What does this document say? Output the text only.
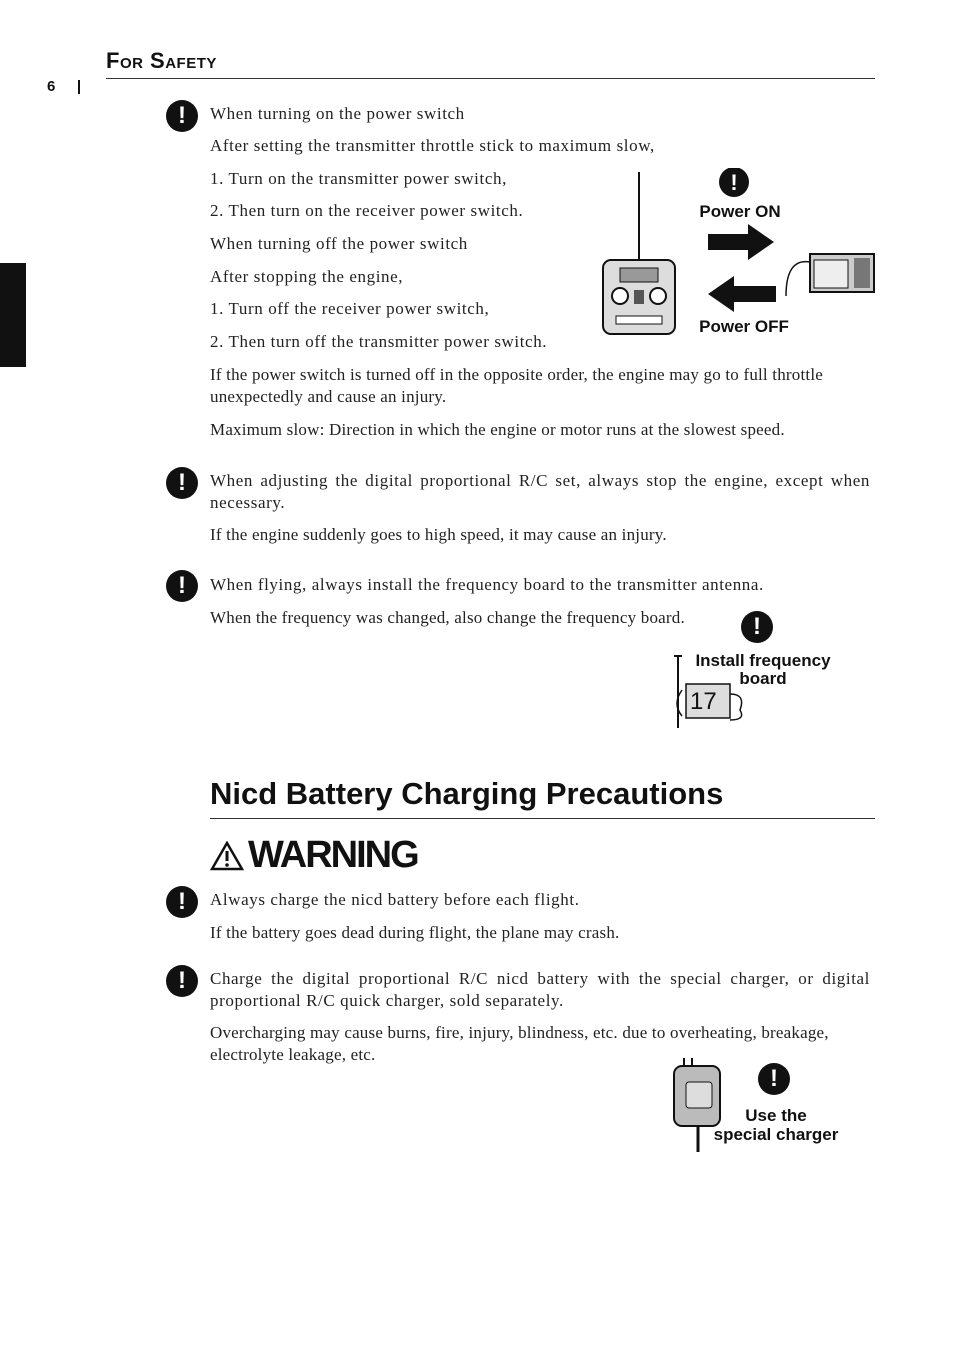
For Safety
6
!	When turning on the power switch
After setting the transmitter throttle stick to maximum slow,
1. Turn on the transmitter power switch,
2. Then turn on the receiver power switch.
When turning off the power switch
After stopping the engine,
1. Turn off the receiver power switch,
2. Then turn off the transmitter power switch.
If the power switch is turned off in the opposite order, the engine may go to full throttle unexpectedly and cause an injury.
Maximum slow: Direction in which the engine or motor runs at the slowest speed.
!
Power ON
Power OFF
!	When adjusting the digital proportional R/C set, always stop the engine, except when necessary.
If the engine suddenly goes to high speed, it may cause an injury.
!	When flying, always install the frequency board to the transmitter antenna.
When the frequency was changed, also change the frequency board.	!
Install frequency
board
17
Nicd Battery Charging Precautions
WARNING
!	Always charge the nicd battery before each flight.
If the battery goes dead during flight, the plane may crash.
!	Charge the digital proportional R/C nicd battery with the special charger, or digital proportional R/C quick charger, sold separately.
Overcharging may cause burns, fire, injury, blindness, etc. due to overheating, breakage, electrolyte leakage, etc.
!
Use the
special charger
